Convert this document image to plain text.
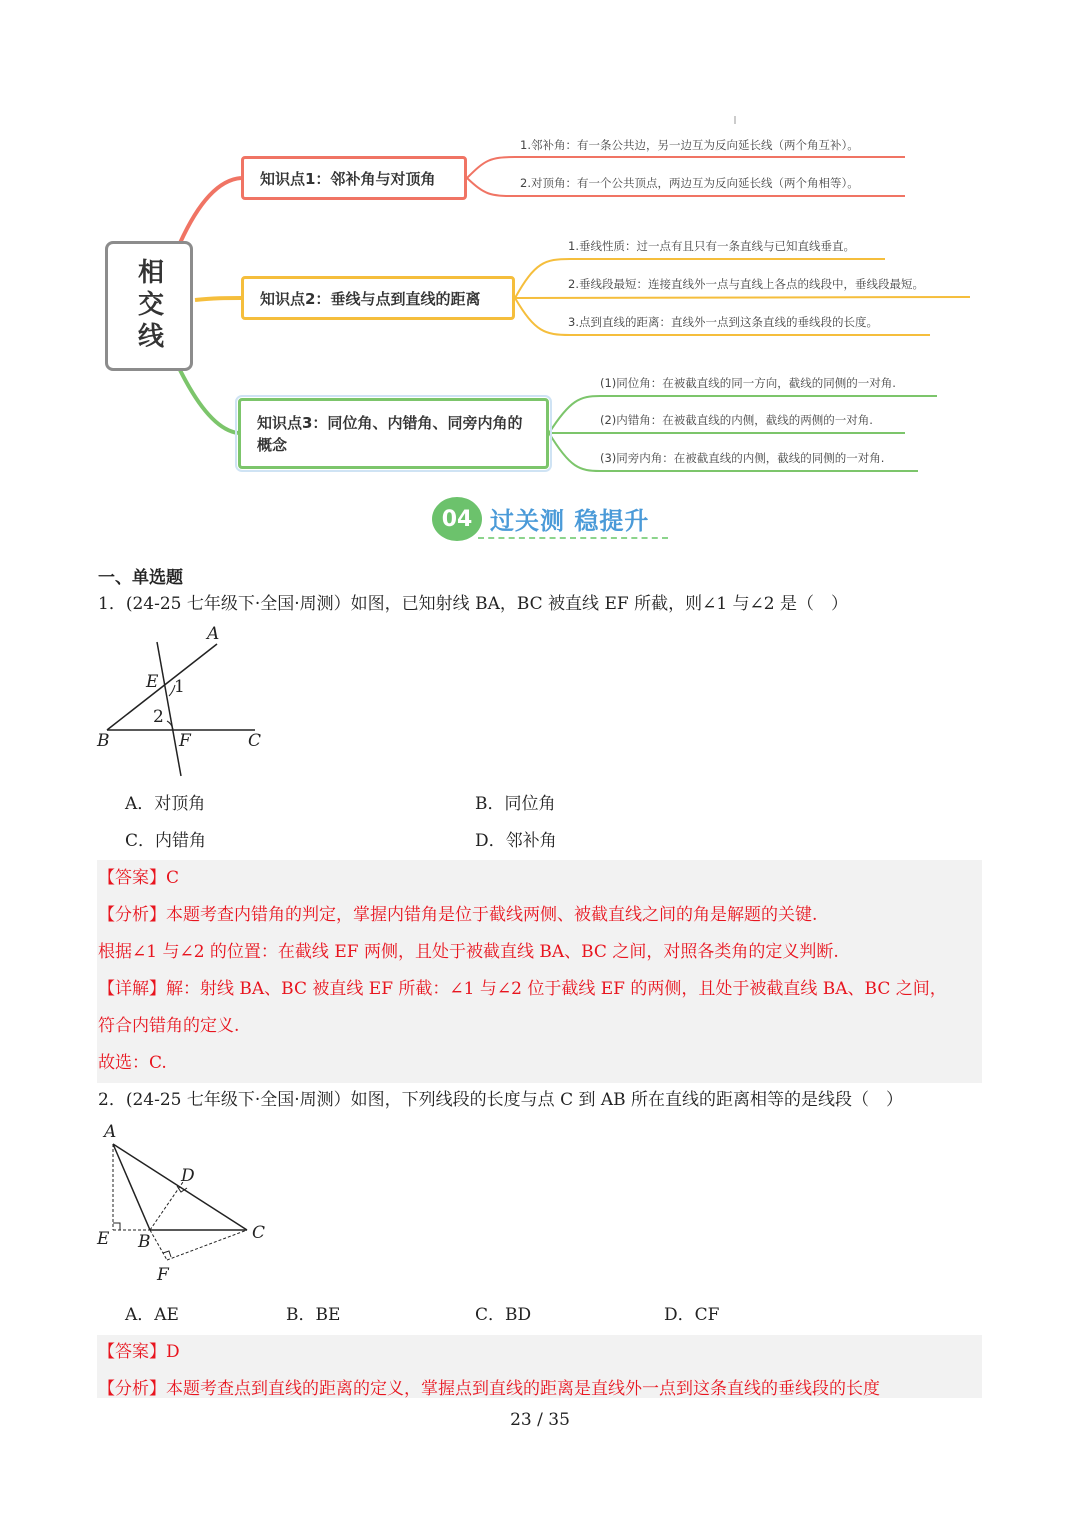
相交线
知识点1：邻补角与对顶角
知识点2：垂线与点到直线的距离
知识点3：同位角、内错角、同旁内角的概念
1.邻补角：有一条公共边，另一边互为反向延长线（两个角互补）。
2.对顶角：有一个公共顶点，两边互为反向延长线（两个角相等）。
1.垂线性质：过一点有且只有一条直线与已知直线垂直。
2.垂线段最短：连接直线外一点与直线上各点的线段中，垂线段最短。
3.点到直线的距离：直线外一点到这条直线的垂线段的长度。
(1)同位角：在被截直线的同一方向，截线的同侧的一对角.
(2)内错角：在被截直线的内侧，截线的两侧的一对角.
(3)同旁内角：在被截直线的内侧，截线的同侧的一对角.
04 过关测 稳提升
一、单选题
1．(24-25 七年级下·全国·周测）如图，已知射线 BA，BC 被直线 EF 所截，则∠1 与∠2 是（　）
A
E 1
2
B	F	C
A．对顶角	B．同位角
C．内错角	D．邻补角
【答案】C
【分析】本题考查内错角的判定，掌握内错角是位于截线两侧、被截直线之间的角是解题的关键.
根据∠1 与∠2 的位置：在截线 EF 两侧，且处于被截直线 BA、BC 之间，对照各类角的定义判断.
【详解】解：射线 BA、BC 被直线 EF 所截：∠1 与∠2 位于截线 EF 的两侧，且处于被截直线 BA、BC 之间，
符合内错角的定义.
故选：C.
2．(24-25 七年级下·全国·周测）如图，下列线段的长度与点 C 到 AB 所在直线的距离相等的是线段（　）
A
D
E B	C
F
A．AE	B．BE	C．BD	D．CF
【答案】D
【分析】本题考查点到直线的距离的定义，掌握点到直线的距离是直线外一点到这条直线的垂线段的长度
23 / 35
